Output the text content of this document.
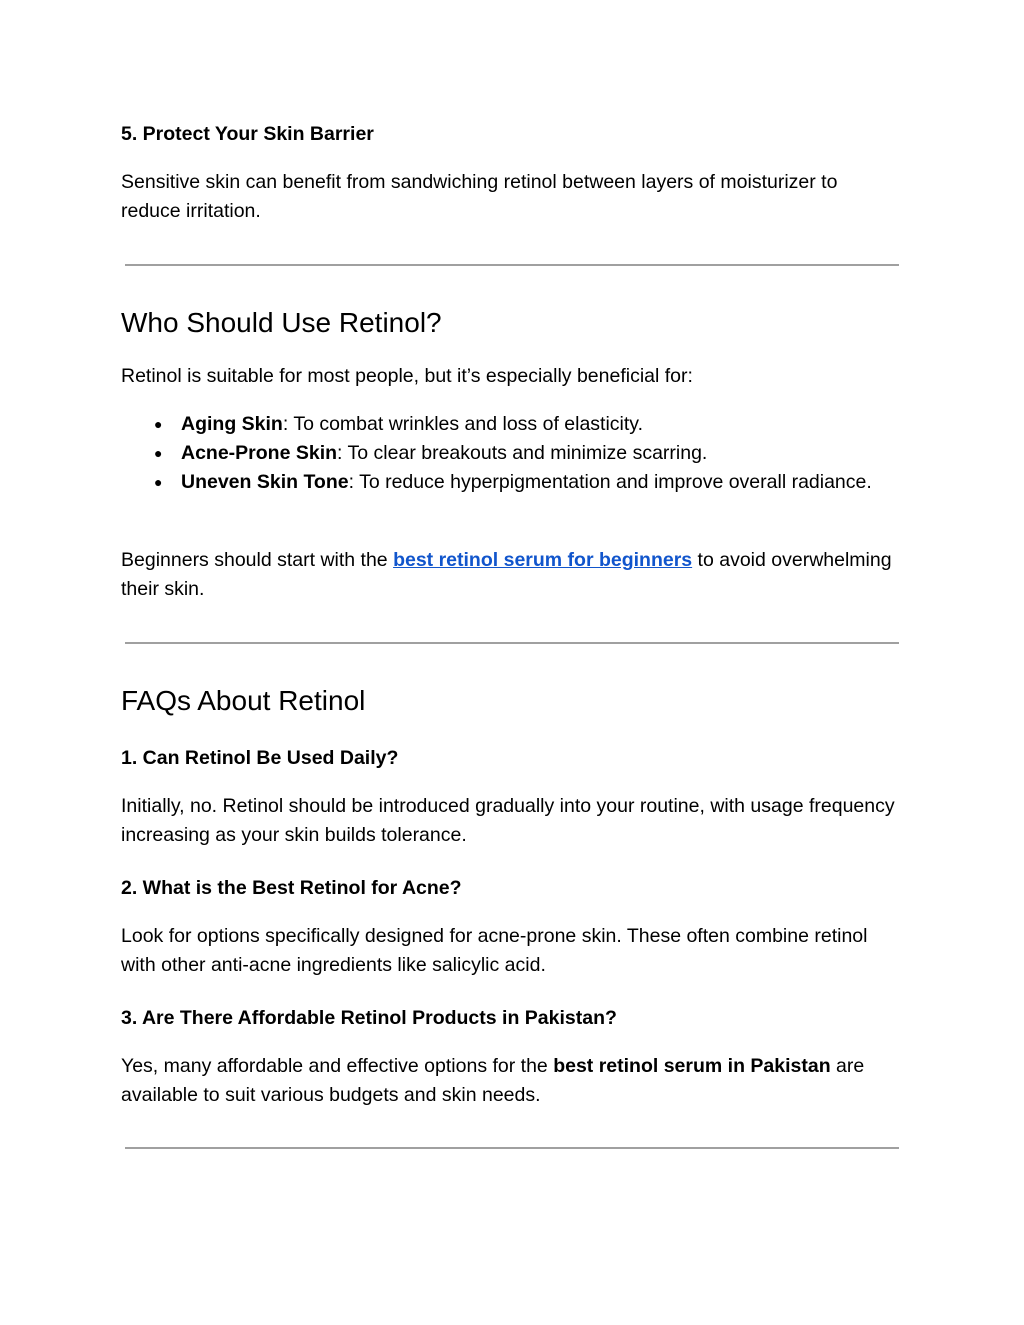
5. Protect Your Skin Barrier
Sensitive skin can benefit from sandwiching retinol between layers of moisturizer to reduce irritation.
Who Should Use Retinol?
Retinol is suitable for most people, but it’s especially beneficial for:
● Aging Skin: To combat wrinkles and loss of elasticity.
● Acne-Prone Skin: To clear breakouts and minimize scarring.
● Uneven Skin Tone: To reduce hyperpigmentation and improve overall radiance.
Beginners should start with the best retinol serum for beginners to avoid overwhelming their skin.
FAQs About Retinol
1. Can Retinol Be Used Daily?
Initially, no. Retinol should be introduced gradually into your routine, with usage frequency increasing as your skin builds tolerance.
2. What is the Best Retinol for Acne?
Look for options specifically designed for acne-prone skin. These often combine retinol with other anti-acne ingredients like salicylic acid.
3. Are There Affordable Retinol Products in Pakistan?
Yes, many affordable and effective options for the best retinol serum in Pakistan are available to suit various budgets and skin needs.
